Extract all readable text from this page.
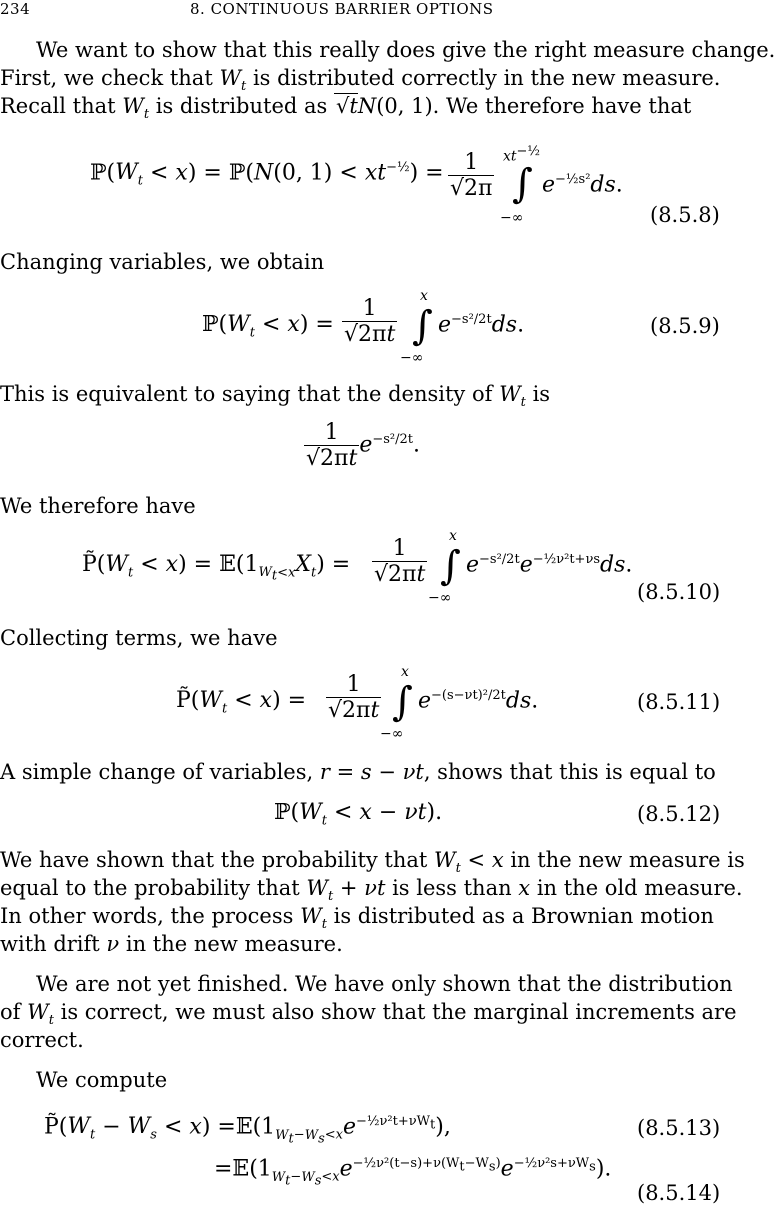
234	8. CONTINUOUS BARRIER OPTIONS
We want to show that this really does give the right measure change.
First, we check that $W_t$ is distributed correctly in the new measure.
Recall that $W_t$ is distributed as √tN(0, 1). We therefore have that
$ℙ(W_t < x)$ = ℙ(N(0, $1) < xt^{-\frac{1}{2}}) = \frac{1}{√2\pi} xt^{-\frac{1}{2}}$
∫
−∞
$e^{-\frac{1}{2}s^2}ds$.
(8.5.8)
Changing variables, we obtain
$ℙ(W_t < x) = \frac{1}{√2\pi t}$ x
∫
−∞
$e^{-s^2/2t}ds$.	(8.5.9)
This is equivalent to saying that the density of $W_t$ is
$\frac{1}{√2\pi t} e^{-s^2/2t}$.
We therefore have
$P̃(W_t < x)$ = $𝔼(1_{W_t<x}X_t) = \frac{1}{√2\pi t}$ x
∫
−∞
$e^{-s^2/2t}e^{-\frac{1}{2}\nu^2t+\nu s}ds$.
(8.5.10)
Collecting terms, we have
$P̃(W_t < x) = \frac{1}{√2\pi t}$ x
∫
−∞
$e^{-(s-\nu t)^2/2t}ds$.	(8.5.11)
A simple change of variables, r = s − νt, shows that this is equal to
$ℙ(W_t < x - \nu t)$.	(8.5.12)
We have shown that the probability that $W_t < x$ in the new measure is
equal to the probability that $W_t + \nu t$ is less than x in the old measure.
In other words, the process $W_t$ is distributed as a Brownian motion
with drift ν in the new measure.
We are not yet finished. We have only shown that the distribution
of $W_t$ is correct, we must also show that the marginal increments are
correct.
We compute
$P̃(W_t - W_s < x)$ $=𝔼(1_{W_t-W_s<x}e^{-\frac{1}{2}\nu^2t+\nu W_t})$,	(8.5.13)
$=𝔼(1_{W_t-W_s<x}e^{-\frac{1}{2}\nu^2(t-s)+\nu(W_t-W_s)}e^{-\frac{1}{2}\nu^2s+\nu W_s})$.
(8.5.14)
